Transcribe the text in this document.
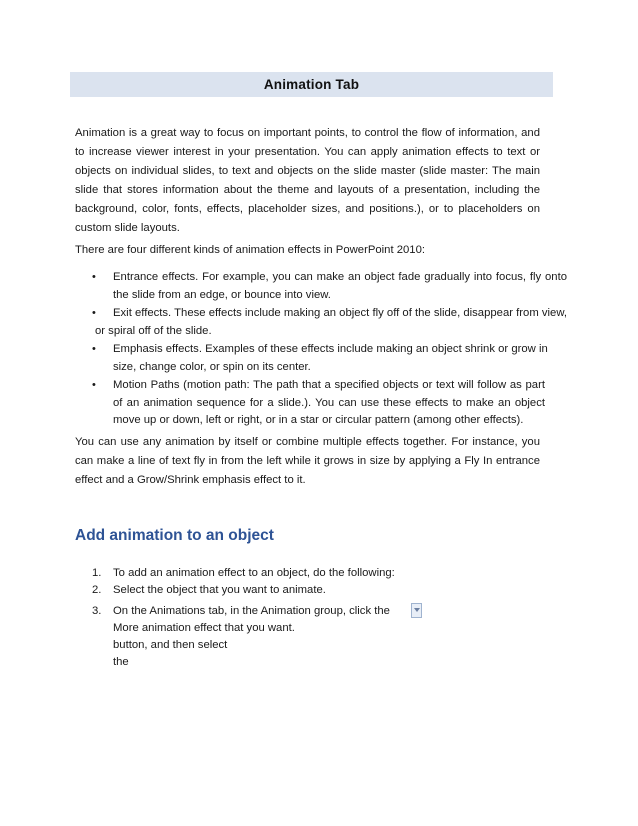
Animation Tab

Animation is a great way to focus on important points, to control the flow of information, and to increase viewer interest in your presentation. You can apply animation effects to text or objects on individual slides, to text and objects on the slide master (slide master: The main slide that stores information about the theme and layouts of a presentation, including the background, color, fonts, effects, placeholder sizes, and positions.), or to placeholders on custom slide layouts.

There are four different kinds of animation effects in PowerPoint 2010:

•	Entrance effects. For example, you can make an object fade gradually into focus, fly onto the slide from an edge, or bounce into view.
•	Exit effects. These effects include making an object fly off of the slide, disappear from view, or spiral off of the slide.
•	Emphasis effects. Examples of these effects include making an object shrink or grow in size, change color, or spin on its center.
•	Motion Paths (motion path: The path that a specified objects or text will follow as part of an animation sequence for a slide.). You can use these effects to make an object move up or down, left or right, or in a star or circular pattern (among other effects).

You can use any animation by itself or combine multiple effects together. For instance, you can make a line of text fly in from the left while it grows in size by applying a Fly In entrance effect and a Grow/Shrink emphasis effect to it.

Add animation to an object
1.	To add an animation effect to an object, do the following:
2.	Select the object that you want to animate.
3.	On the Animations tab, in the Animation group, click the More animation effect that you want.button, and then select the
